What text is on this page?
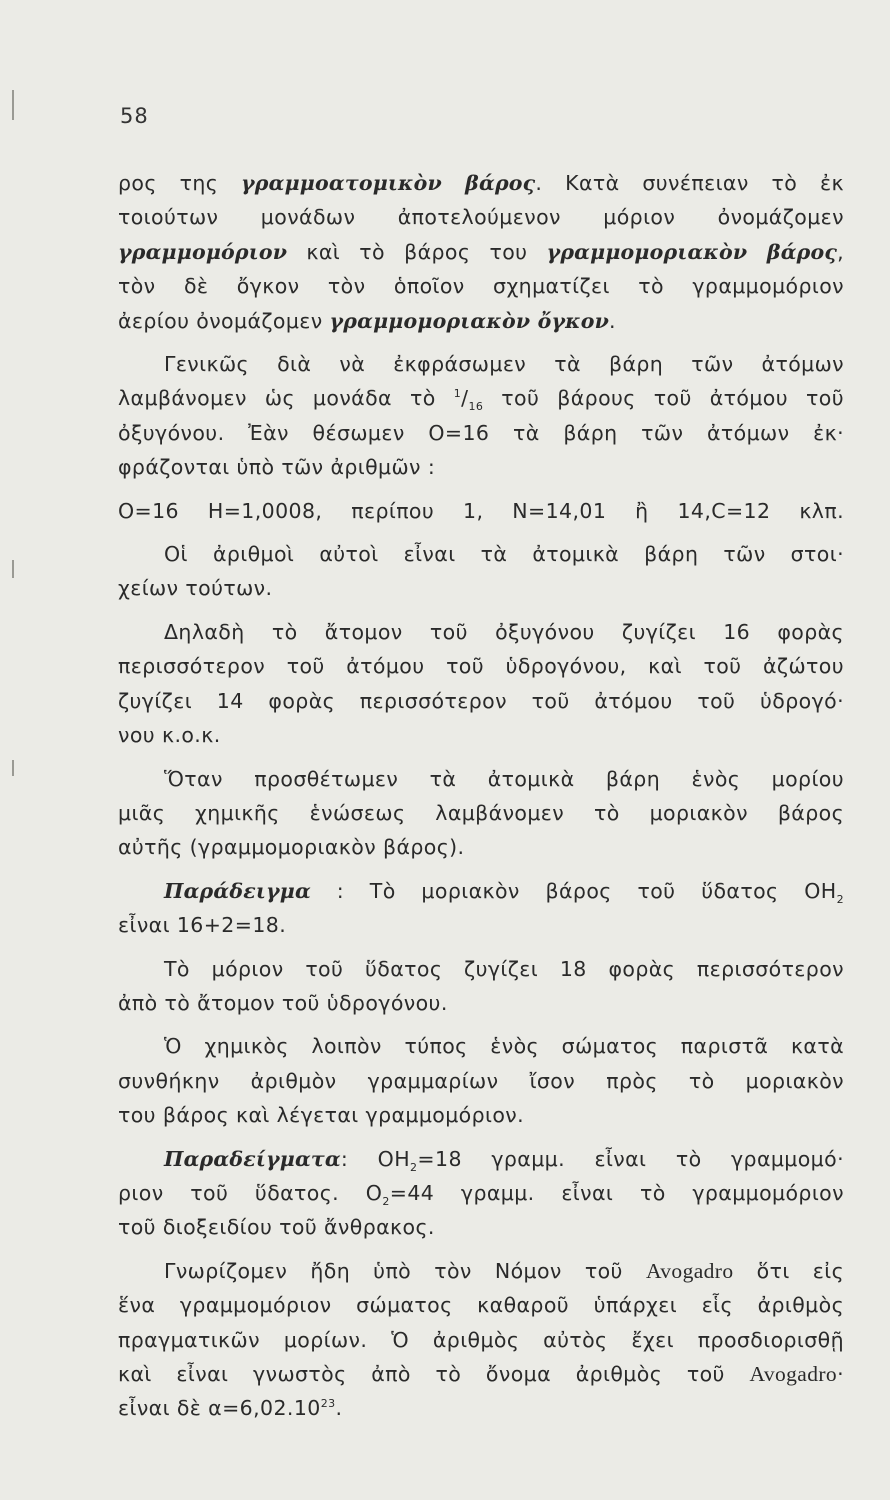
58
ρος της γραμμοατομικὸν βάρος. Κατὰ συνέπειαν τὸ ἐκ
τοιούτων μονάδων ἀποτελούμενον μόριον ὀνομάζομεν
γραμμομόριον καὶ τὸ βάρος του γραμμομοριακὸν βάρος,
τὸν δὲ ὄγκον τὸν ὁποῖον σχηματίζει τὸ γραμμομόριον
ἀερίου ὀνομάζομεν γραμμομοριακὸν ὄγκον.
Γενικῶς διὰ νὰ ἐκφράσωμεν τὰ βάρη τῶν ἀτόμων
λαμβάνομεν ὡς μονάδα τὸ $^1/_{16}$ τοῦ βάρους τοῦ ἀτόμου τοῦ
ὀξυγόνου. Ἐὰν θέσωμεν Ο=16 τὰ βάρη τῶν ἀτόμων ἐκ·
φράζονται ὑπὸ τῶν ἀριθμῶν :
Ο=16 Η=1,0008, περίπου 1, Ν=14,01 ἢ 14,C=12 κλπ.
Οἱ ἀριθμοὶ αὐτοὶ εἶναι τὰ ἀτομικὰ βάρη τῶν στοι·
χείων τούτων.
Δηλαδὴ τὸ ἄτομον τοῦ ὀξυγόνου ζυγίζει 16 φορὰς
περισσότερον τοῦ ἀτόμου τοῦ ὑδρογόνου, καὶ τοῦ ἀζώτου
ζυγίζει 14 φορὰς περισσότερον τοῦ ἀτόμου τοῦ ὑδρογό·
νου κ.ο.κ.
Ὅταν προσθέτωμεν τὰ ἀτομικὰ βάρη ἑνὸς μορίου
μιᾶς χημικῆς ἑνώσεως λαμβάνομεν τὸ μοριακὸν βάρος
αὐτῆς (γραμμομοριακὸν βάρος).
Παράδειγμα : Τὸ μοριακὸν βάρος τοῦ ὕδατος $OH_2$
εἶναι 16+2=18.
Τὸ μόριον τοῦ ὕδατος ζυγίζει 18 φορὰς περισσότερον
ἀπὸ τὸ ἄτομον τοῦ ὑδρογόνου.
Ὁ χημικὸς λοιπὸν τύπος ἑνὸς σώματος παριστᾶ κατὰ
συνθήκην ἀριθμὸν γραμμαρίων ἴσον πρὸς τὸ μοριακὸν
του βάρος καὶ λέγεται γραμμομόριον.
Παραδείγματα: $OH_2=18$ γραμμ. εἶναι τὸ γραμμομό·
ριον τοῦ ὕδατος. $O_2=44$ γραμμ. εἶναι τὸ γραμμομόριον
τοῦ διοξειδίου τοῦ ἄνθρακος.
Γνωρίζομεν ἤδη ὑπὸ τὸν Νόμον τοῦ Avogadro ὅτι εἰς
ἕνα γραμμομόριον σώματος καθαροῦ ὑπάρχει εἷς ἀριθμὸς
πραγματικῶν μορίων. Ὁ ἀριθμὸς αὐτὸς ἔχει προσδιορισθῇ
καὶ εἶναι γνωστὸς ἀπὸ τὸ ὄνομα ἀριθμὸς τοῦ Avogadro·
εἶναι δὲ $\alpha=6,02.10^{23}$.
